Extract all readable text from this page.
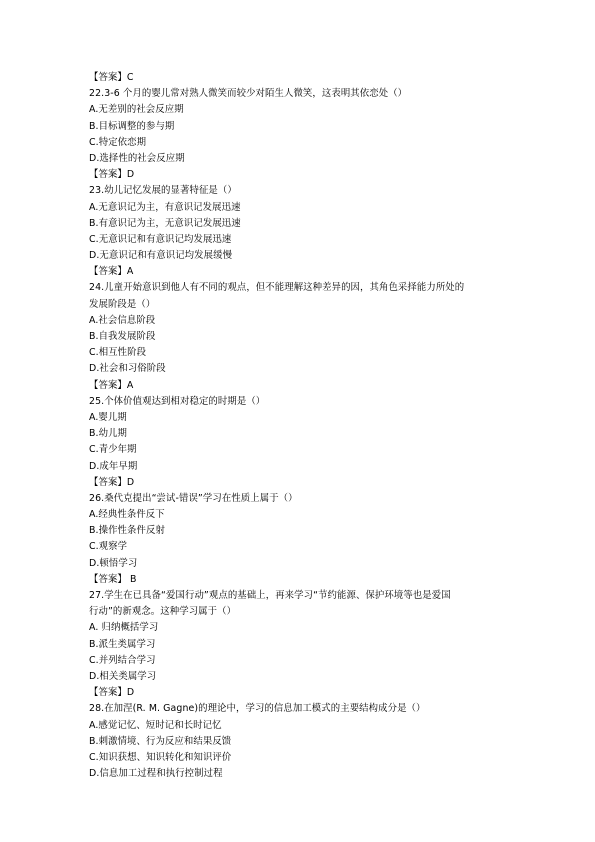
【答案】C
22.3-6 个月的婴儿常对熟人微笑而较少对陌生人微笑，这表明其依恋处（）
A.无差别的社会反应期
B.目标调整的参与期
C.特定依恋期
D.选择性的社会反应期
【答案】D
23.幼儿记忆发展的显著特征是（）
A.无意识记为主，有意识记发展迅速
B.有意识记为主，无意识记发展迅速
C.无意识记和有意识记均发展迅速
D.无意识记和有意识记均发展缓慢
【答案】A
24.儿童开始意识到他人有不同的观点，但不能理解这种差异的因，其角色采择能力所处的
发展阶段是（）
A.社会信息阶段
B.自我发展阶段
C.相互性阶段
D.社会和习俗阶段
【答案】A
25.个体价值观达到相对稳定的时期是（）
A.婴儿期
B.幼儿期
C.青少年期
D.成年早期
【答案】D
26.桑代克提出“尝试-错误”学习在性质上属于（）
A.经典性条件反下
B.操作性条件反射
C.观察学
D.顿悟学习
【答案】 B
27.学生在已具备“爱国行动”观点的基础上，再来学习“节约能源、保护环境等也是爱国
行动”的新观念。这种学习属于（）
A. 归纳概括学习
B.派生类属学习
C.并列结合学习
D.相关类属学习
【答案】D
28.在加涅(R. M. Gagne)的理论中，学习的信息加工模式的主要结构成分是（）
A.感觉记忆、短时记和长时记忆
B.刺激情境、行为反应和结果反馈
C.知识获想、知识转化和知识评价
D.信息加工过程和执行控制过程
